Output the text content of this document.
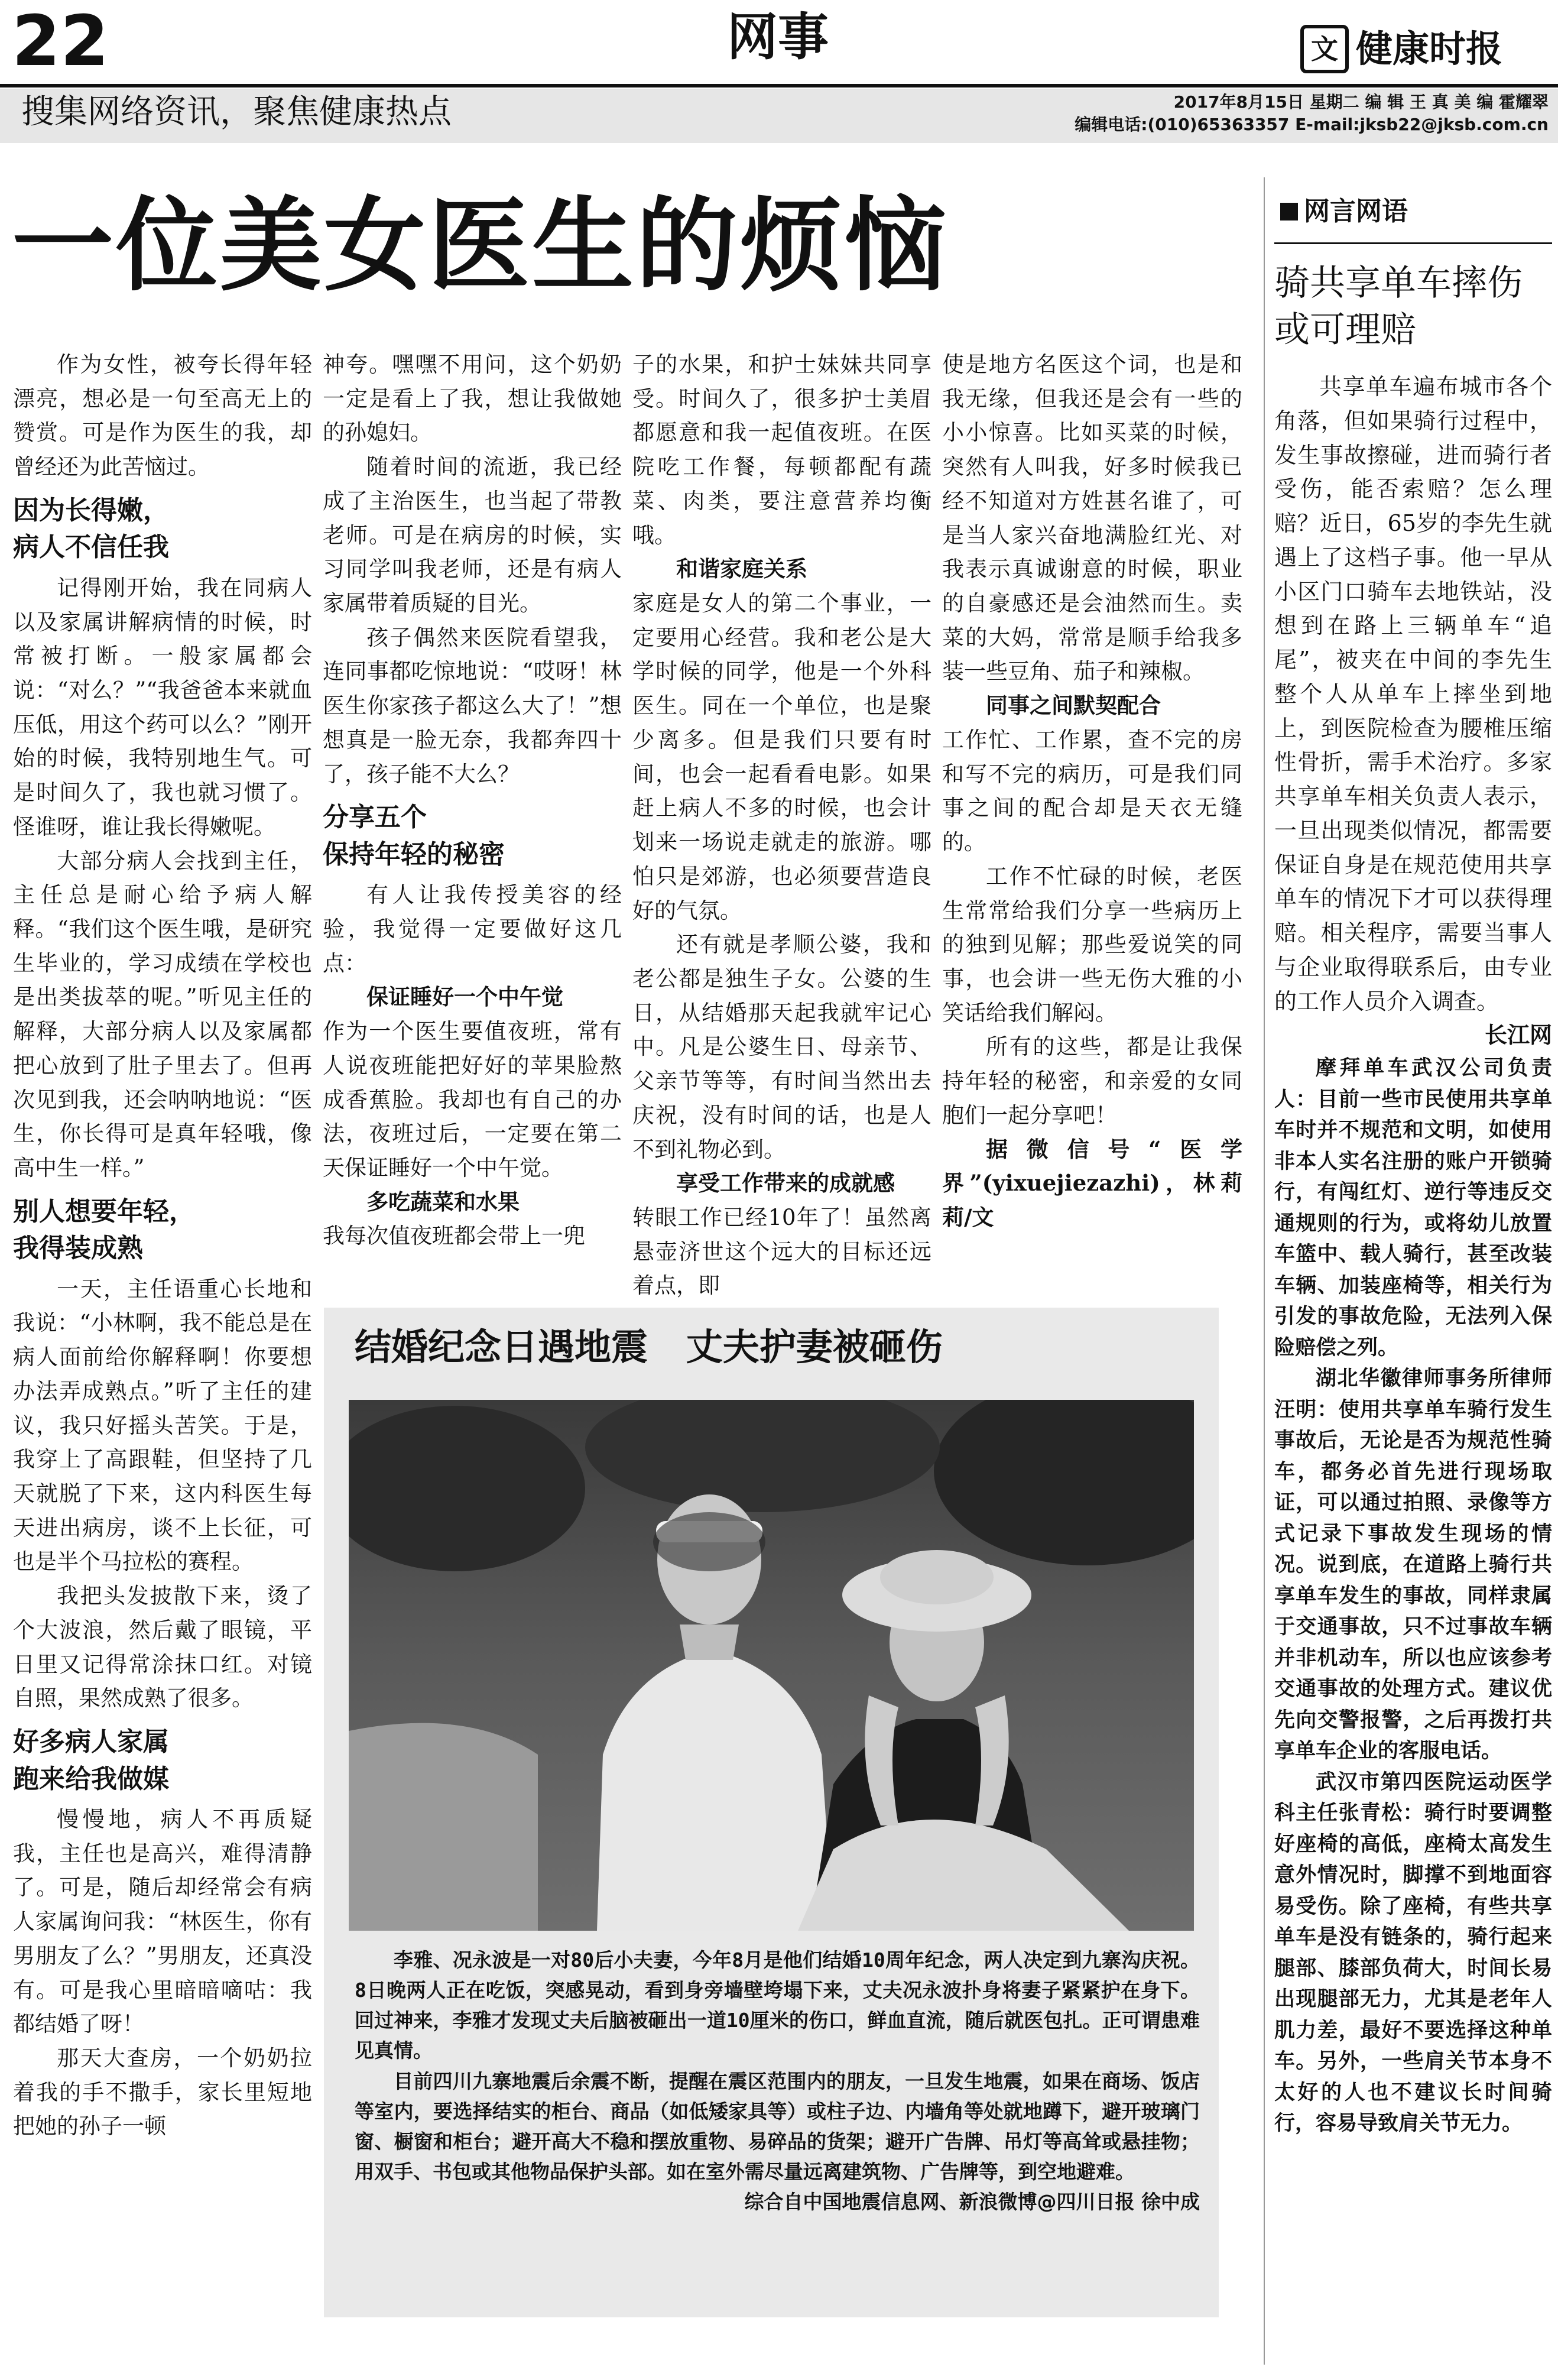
22	网事	文 健康时报
搜集网络资讯，聚焦健康热点	2017年8月15日 星期二 编 辑 王 真 美 编 霍耀翠
编辑电话:(010)65363357 E-mail:jksb22@jksb.com.cn
一位美女医生的烦恼

作为女性，被夸长得年轻漂亮，想必是一句至高无上的赞赏。可是作为医生的我，却曾经还为此苦恼过。

因为长得嫩，
病人不信任我

记得刚开始，我在同病人以及家属讲解病情的时候，时常被打断。一般家属都会说：“对么？”“我爸爸本来就血压低，用这个药可以么？”刚开始的时候，我特别地生气。可是时间久了，我也就习惯了。怪谁呀，谁让我长得嫩呢。

大部分病人会找到主任，主任总是耐心给予病人解释。“我们这个医生哦，是研究生毕业的，学习成绩在学校也是出类拔萃的呢。”听见主任的解释，大部分病人以及家属都把心放到了肚子里去了。但再次见到我，还会呐呐地说：“医生，你长得可是真年轻哦，像高中生一样。”

别人想要年轻，
我得装成熟

一天，主任语重心长地和我说：“小林啊，我不能总是在病人面前给你解释啊！你要想办法弄成熟点。”听了主任的建议，我只好摇头苦笑。于是，我穿上了高跟鞋，但坚持了几天就脱了下来，这内科医生每天进出病房，谈不上长征，可也是半个马拉松的赛程。

我把头发披散下来，烫了个大波浪，然后戴了眼镜，平日里又记得常涂抹口红。对镜自照，果然成熟了很多。

好多病人家属
跑来给我做媒

慢慢地，病人不再质疑我，主任也是高兴，难得清静了。可是，随后却经常会有病人家属询问我：“林医生，你有男朋友了么？”男朋友，还真没有。可是我心里暗暗嘀咕：我都结婚了呀！

那天大查房，一个奶奶拉着我的手不撒手，家长里短地把她的孙子一顿

神夸。嘿嘿不用问，这个奶奶一定是看上了我，想让我做她的孙媳妇。

随着时间的流逝，我已经成了主治医生，也当起了带教老师。可是在病房的时候，实习同学叫我老师，还是有病人家属带着质疑的目光。

孩子偶然来医院看望我，连同事都吃惊地说：“哎呀！林医生你家孩子都这么大了！”想想真是一脸无奈，我都奔四十了，孩子能不大么？

分享五个
保持年轻的秘密

有人让我传授美容的经验，我觉得一定要做好这几点：

保证睡好一个中午觉

作为一个医生要值夜班，常有人说夜班能把好好的苹果脸熬成香蕉脸。我却也有自己的办法，夜班过后，一定要在第二天保证睡好一个中午觉。

多吃蔬菜和水果

我每次值夜班都会带上一兜

子的水果，和护士妹妹共同享受。时间久了，很多护士美眉都愿意和我一起值夜班。在医院吃工作餐，每顿都配有蔬菜、肉类，要注意营养均衡哦。

和谐家庭关系

家庭是女人的第二个事业，一定要用心经营。我和老公是大学时候的同学，他是一个外科医生。同在一个单位，也是聚少离多。但是我们只要有时间，也会一起看看电影。如果赶上病人不多的时候，也会计划来一场说走就走的旅游。哪怕只是郊游，也必须要营造良好的气氛。

还有就是孝顺公婆，我和老公都是独生子女。公婆的生日，从结婚那天起我就牢记心中。凡是公婆生日、母亲节、父亲节等等，有时间当然出去庆祝，没有时间的话，也是人不到礼物必到。

享受工作带来的成就感

转眼工作已经10年了！虽然离悬壶济世这个远大的目标还远着点，即

使是地方名医这个词，也是和我无缘，但我还是会有一些的小小惊喜。比如买菜的时候，突然有人叫我，好多时候我已经不知道对方姓甚名谁了，可是当人家兴奋地满脸红光、对我表示真诚谢意的时候，职业的自豪感还是会油然而生。卖菜的大妈，常常是顺手给我多装一些豆角、茄子和辣椒。

同事之间默契配合

工作忙、工作累，查不完的房和写不完的病历，可是我们同事之间的配合却是天衣无缝的。

工作不忙碌的时候，老医生常常给我们分享一些病历上的独到见解；那些爱说笑的同事，也会讲一些无伤大雅的小笑话给我们解闷。

所有的这些，都是让我保持年轻的秘密，和亲爱的女同胞们一起分享吧！

据微信号“医学界”(yixuejiezazhi)，林莉莉/文

结婚纪念日遇地震   丈夫护妻被砸伤

李雅、况永波是一对80后小夫妻，今年8月是他们结婚10周年纪念，两人决定到九寨沟庆祝。8日晚两人正在吃饭，突感晃动，看到身旁墙壁垮塌下来，丈夫况永波扑身将妻子紧紧护在身下。回过神来，李雅才发现丈夫后脑被砸出一道10厘米的伤口，鲜血直流，随后就医包扎。正可谓患难见真情。

目前四川九寨地震后余震不断，提醒在震区范围内的朋友，一旦发生地震，如果在商场、饭店等室内，要选择结实的柜台、商品（如低矮家具等）或柱子边、内墙角等处就地蹲下，避开玻璃门窗、橱窗和柜台；避开高大不稳和摆放重物、易碎品的货架；避开广告牌、吊灯等高耸或悬挂物；用双手、书包或其他物品保护头部。如在室外需尽量远离建筑物、广告牌等，到空地避难。

综合自中国地震信息网、新浪微博@四川日报 徐中成

网言网语
骑共享单车摔伤
或可理赔

共享单车遍布城市各个角落，但如果骑行过程中，发生事故擦碰，进而骑行者受伤，能否索赔？怎么理赔？近日，65岁的李先生就遇上了这档子事。他一早从小区门口骑车去地铁站，没想到在路上三辆单车“追尾”，被夹在中间的李先生整个人从单车上摔坐到地上，到医院检查为腰椎压缩性骨折，需手术治疗。多家共享单车相关负责人表示，一旦出现类似情况，都需要保证自身是在规范使用共享单车的情况下才可以获得理赔。相关程序，需要当事人与企业取得联系后，由专业的工作人员介入调查。

长江网

摩拜单车武汉公司负责人：目前一些市民使用共享单车时并不规范和文明，如使用非本人实名注册的账户开锁骑行，有闯红灯、逆行等违反交通规则的行为，或将幼儿放置车篮中、载人骑行，甚至改装车辆、加装座椅等，相关行为引发的事故危险，无法列入保险赔偿之列。

湖北华徽律师事务所律师汪明：使用共享单车骑行发生事故后，无论是否为规范性骑车，都务必首先进行现场取证，可以通过拍照、录像等方式记录下事故发生现场的情况。说到底，在道路上骑行共享单车发生的事故，同样隶属于交通事故，只不过事故车辆并非机动车，所以也应该参考交通事故的处理方式。建议优先向交警报警，之后再拨打共享单车企业的客服电话。

武汉市第四医院运动医学科主任张青松：骑行时要调整好座椅的高低，座椅太高发生意外情况时，脚撑不到地面容易受伤。除了座椅，有些共享单车是没有链条的，骑行起来腿部、膝部负荷大，时间长易出现腿部无力，尤其是老年人肌力差，最好不要选择这种单车。另外，一些肩关节本身不太好的人也不建议长时间骑行，容易导致肩关节无力。
